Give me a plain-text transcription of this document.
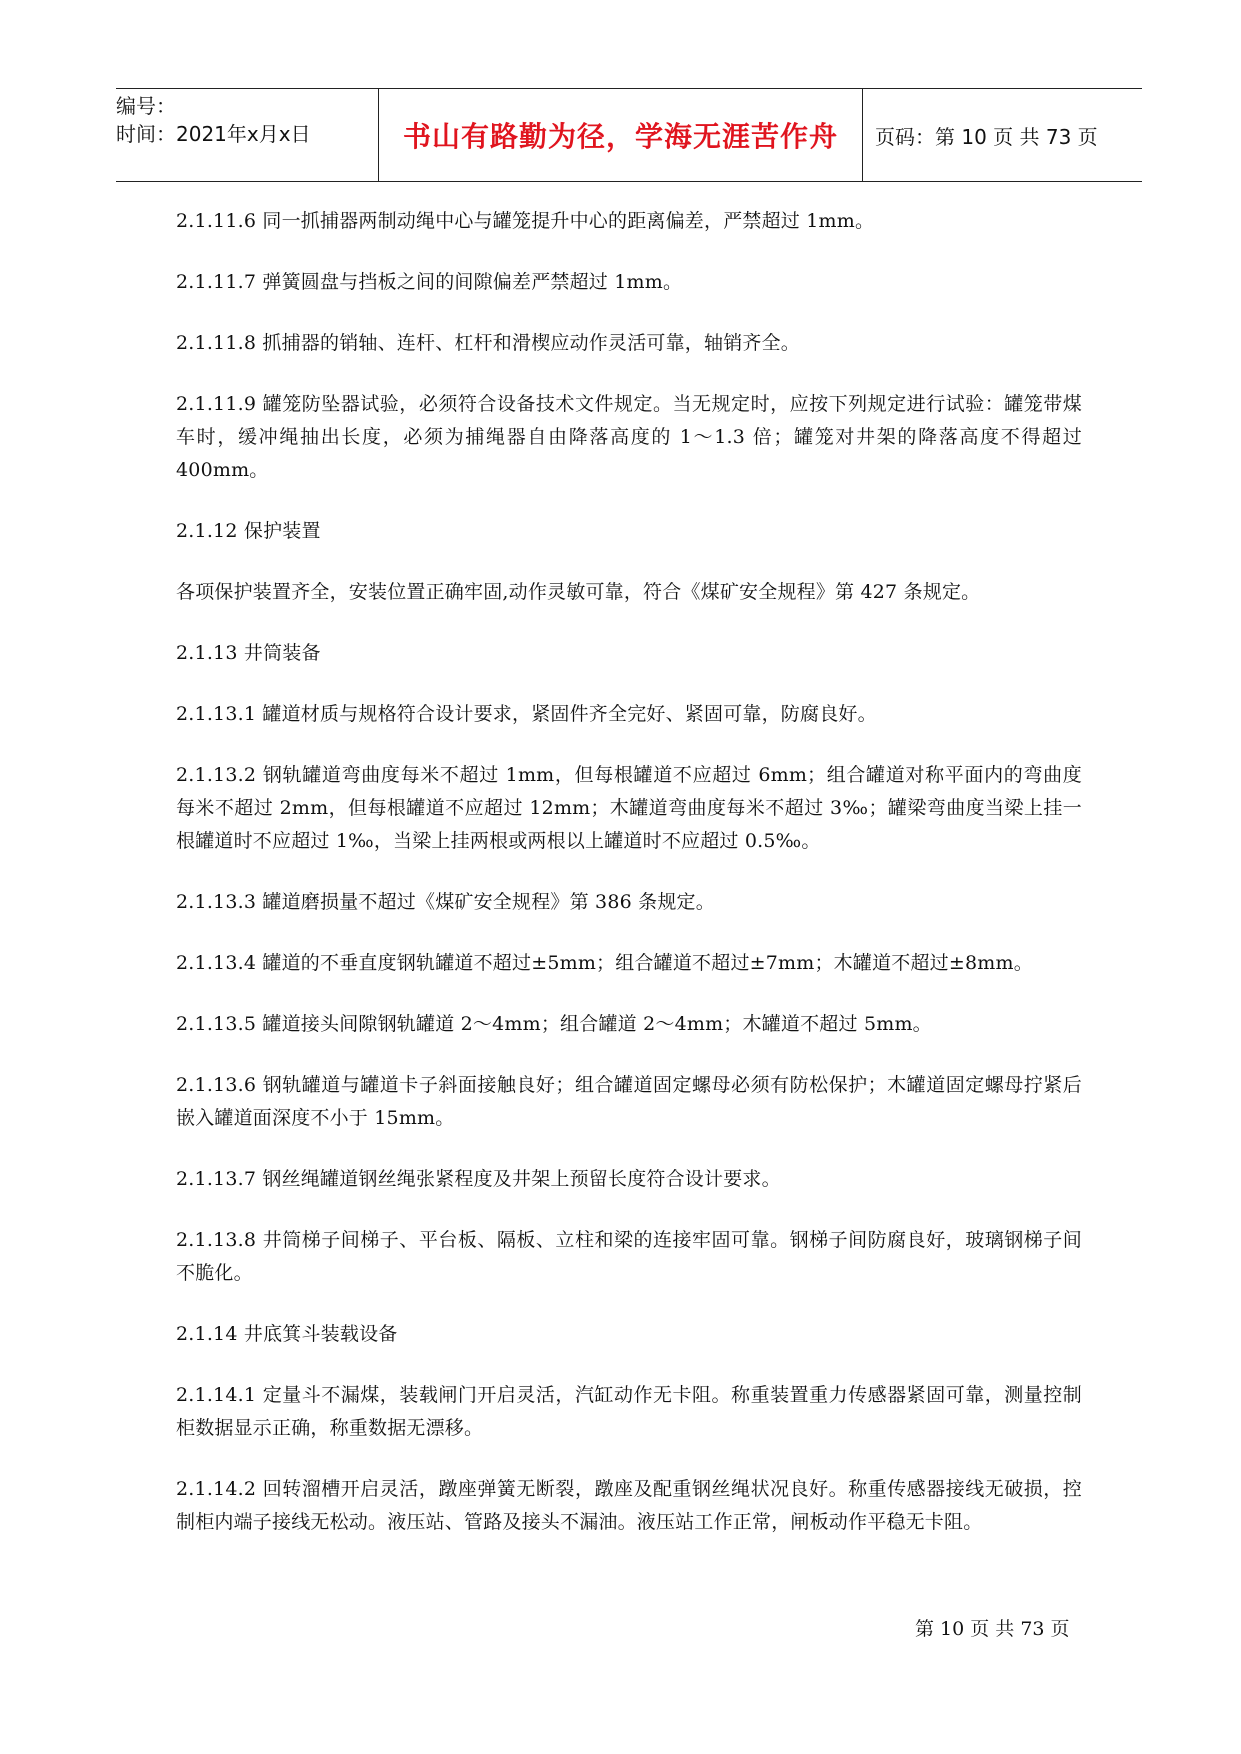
编号：
时间：2021年x月x日	书山有路勤为径，学海无涯苦作舟	页码：第 10 页 共 73 页

2.1.11.6 同一抓捕器两制动绳中心与罐笼提升中心的距离偏差，严禁超过 1mm。

2.1.11.7 弹簧圆盘与挡板之间的间隙偏差严禁超过 1mm。

2.1.11.8 抓捕器的销轴、连杆、杠杆和滑楔应动作灵活可靠，轴销齐全。

2.1.11.9 罐笼防坠器试验，必须符合设备技术文件规定。当无规定时，应按下列规定进行试验：罐笼带煤车时，缓冲绳抽出长度，必须为捕绳器自由降落高度的 1～1.3 倍；罐笼对井架的降落高度不得超过 400mm。

2.1.12 保护装置

各项保护装置齐全，安装位置正确牢固,动作灵敏可靠，符合《煤矿安全规程》第 427 条规定。

2.1.13 井筒装备

2.1.13.1 罐道材质与规格符合设计要求，紧固件齐全完好、紧固可靠，防腐良好。

2.1.13.2 钢轨罐道弯曲度每米不超过 1mm，但每根罐道不应超过 6mm；组合罐道对称平面内的弯曲度每米不超过 2mm，但每根罐道不应超过 12mm；木罐道弯曲度每米不超过 3‰；罐梁弯曲度当梁上挂一根罐道时不应超过 1‰，当梁上挂两根或两根以上罐道时不应超过 0.5‰。

2.1.13.3 罐道磨损量不超过《煤矿安全规程》第 386 条规定。

2.1.13.4 罐道的不垂直度钢轨罐道不超过±5mm；组合罐道不超过±7mm；木罐道不超过±8mm。

2.1.13.5 罐道接头间隙钢轨罐道 2～4mm；组合罐道 2～4mm；木罐道不超过 5mm。

2.1.13.6 钢轨罐道与罐道卡子斜面接触良好；组合罐道固定螺母必须有防松保护；木罐道固定螺母拧紧后嵌入罐道面深度不小于 15mm。

2.1.13.7 钢丝绳罐道钢丝绳张紧程度及井架上预留长度符合设计要求。

2.1.13.8 井筒梯子间梯子、平台板、隔板、立柱和梁的连接牢固可靠。钢梯子间防腐良好，玻璃钢梯子间不脆化。

2.1.14 井底箕斗装载设备

2.1.14.1 定量斗不漏煤，装载闸门开启灵活，汽缸动作无卡阻。称重装置重力传感器紧固可靠，测量控制柜数据显示正确，称重数据无漂移。

2.1.14.2 回转溜槽开启灵活，蹾座弹簧无断裂，蹾座及配重钢丝绳状况良好。称重传感器接线无破损，控制柜内端子接线无松动。液压站、管路及接头不漏油。液压站工作正常，闸板动作平稳无卡阻。

第 10 页 共 73 页
